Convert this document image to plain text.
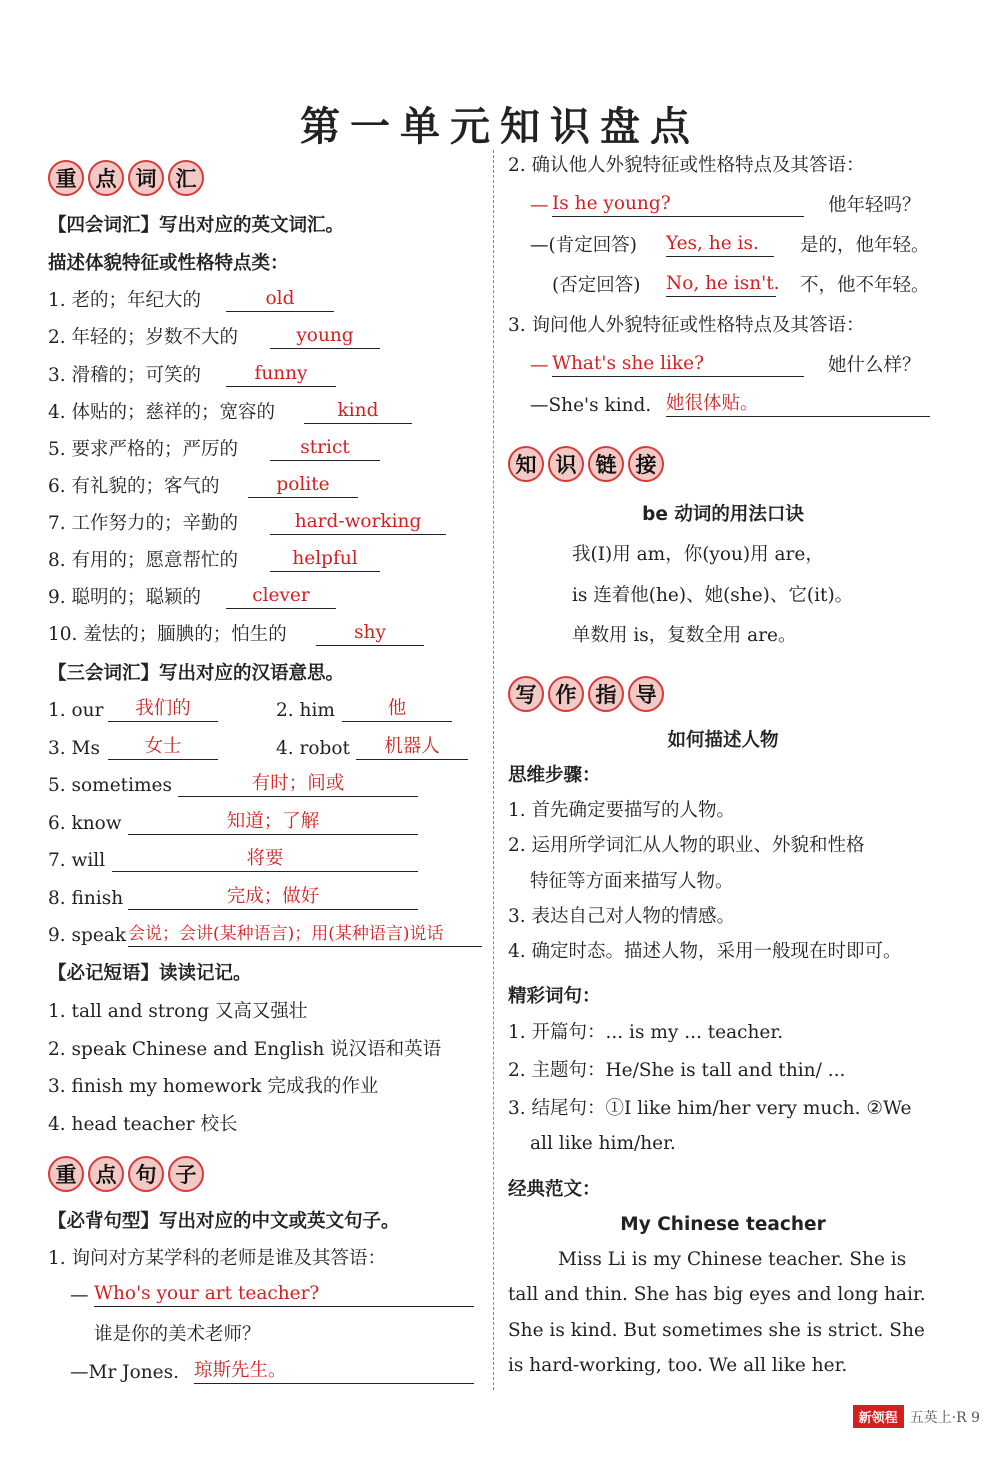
第一单元知识盘点
重 点 词 汇
【四会词汇】写出对应的英文词汇。
描述体貌特征或性格特点类：
1. 老的；年纪大的	old
2. 年轻的；岁数不大的	young
3. 滑稽的；可笑的	funny
4. 体贴的；慈祥的；宽容的	kind
5. 要求严格的；严厉的	strict
6. 有礼貌的；客气的	polite
7. 工作努力的；辛勤的	hard-working
8. 有用的；愿意帮忙的	helpful
9. 聪明的；聪颖的	clever
10. 羞怯的；腼腆的；怕生的	shy
【三会词汇】写出对应的汉语意思。
1. our	我们的	2. him	他
3. Ms	女士	4. robot	机器人
5. sometimes	有时；间或
6. know	知道；了解
7. will	将要
8. finish	完成；做好
9. speak 会说；会讲(某种语言)；用(某种语言)说话
【必记短语】读读记记。
1. tall and strong 又高又强壮
2. speak Chinese and English 说汉语和英语
3. finish my homework 完成我的作业
4. head teacher 校长
重 点 句 子
【必背句型】写出对应的中文或英文句子。
1. 询问对方某学科的老师是谁及其答语：
— Who's your art teacher?
谁是你的美术老师？
—Mr Jones. 琼斯先生。
2. 确认他人外貌特征或性格特点及其答语：
— Is he young?	他年轻吗？
—(肯定回答) Yes, he is.	是的，他年轻。
(否定回答) No, he isn't. 不，他不年轻。
3. 询问他人外貌特征或性格特点及其答语：
— What's she like?	她什么样？
—She's kind. 她很体贴。
知 识 链 接
be 动词的用法口诀
我(I)用 am，你(you)用 are，
is 连着他(he)、她(she)、它(it)。
单数用 is，复数全用 are。
写 作 指 导
如何描述人物
思维步骤：
1. 首先确定要描写的人物。
2. 运用所学词汇从人物的职业、外貌和性格
特征等方面来描写人物。
3. 表达自己对人物的情感。
4. 确定时态。描述人物，采用一般现在时即可。
精彩词句：
1. 开篇句：... is my ... teacher.
2. 主题句：He/She is tall and thin/ ...
3. 结尾句：①I like him/her very much. ②We
all like him/her.
经典范文：
My Chinese teacher
Miss Li is my Chinese teacher. She is
tall and thin. She has big eyes and long hair.
She is kind. But sometimes she is strict. She
is hard-working, too. We all like her.
新领程 五英上·R 9
